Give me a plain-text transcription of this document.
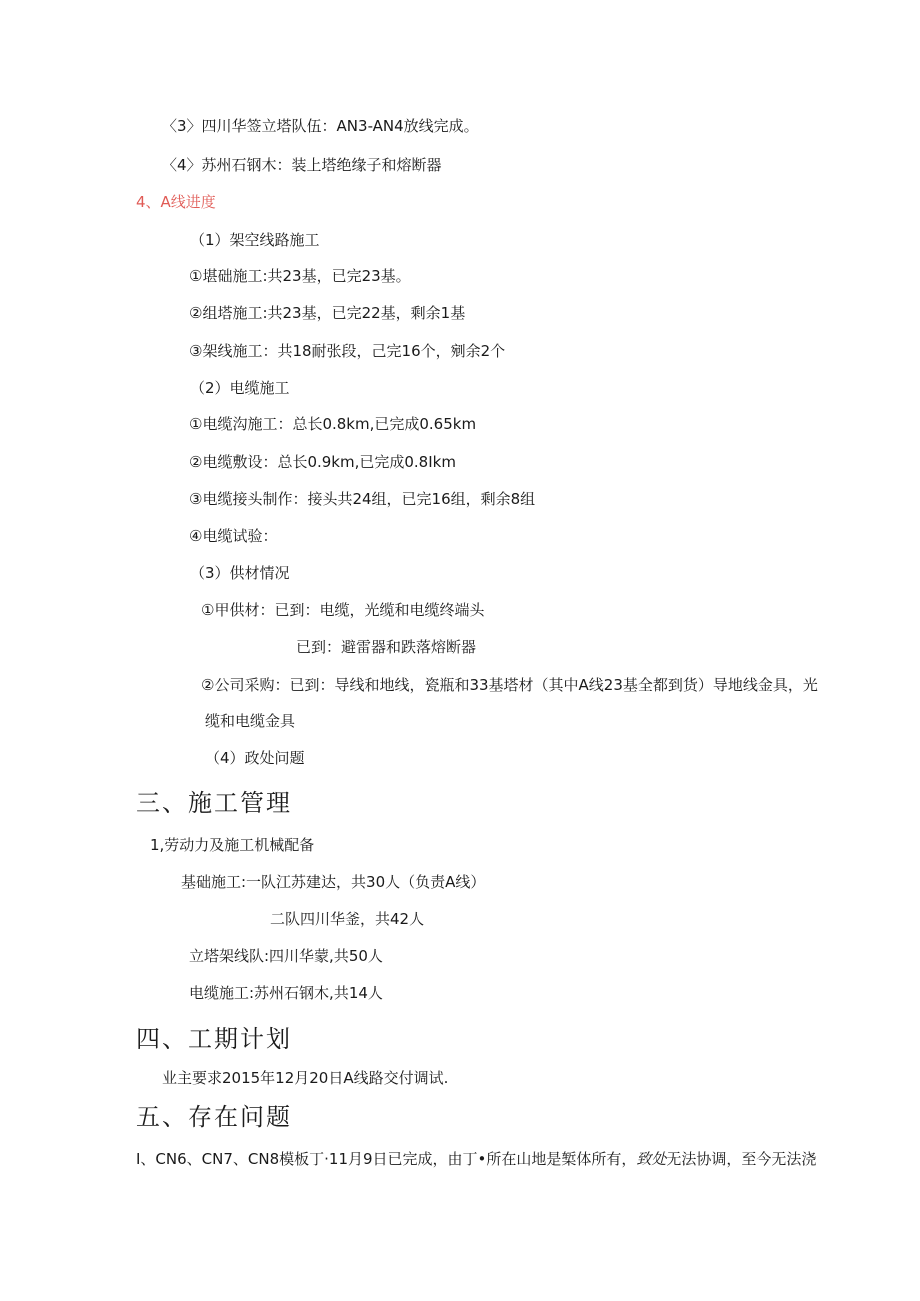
〈3〉四川华签立塔队伍：AN3-AN4放线完成。
〈4〉苏州石钢木：装上塔绝缘子和熔断器
4、A线进度
（1）架空线路施工
①堪础施工:共23基，已完23基。
②组塔施工:共23基，已完22基，剩余1基
③架线施工：共18耐张段，己完16个，剜余2个
（2）电缆施工
①电缆沟施工：总长0.8km,已完成0.65km
②电缆敷设：总长0.9km,已完成0.8Ikm
③电缆接头制作：接头共24组，已完16组，剩余8组
④电缆试验：
（3）供材情况
①甲供材：已到：电缆，光缆和电缆终端头
已到：避雷器和跌落熔断器
②公司采购：已到：导线和地线，瓷瓶和33基塔材（其中A线23基全都到货）导地线金具，光
缆和电缆金具
（4）政处问题
三、施工管理
1,劳动力及施工机械配备
基础施工:一队江苏建达，共30人（负责A线）
二队四川华釜，共42人
立塔架线队:四川华蒙,共50人
电缆施工:苏州石钢木,共14人
四、工期计划
业主要求2015年12月20日A线路交付调试.
五、存在问题
I、CN6、CN7、CN8模板丁·11月9日已完成，由丁•所在山地是椠体所有，致处无法协调，至今无法浇
